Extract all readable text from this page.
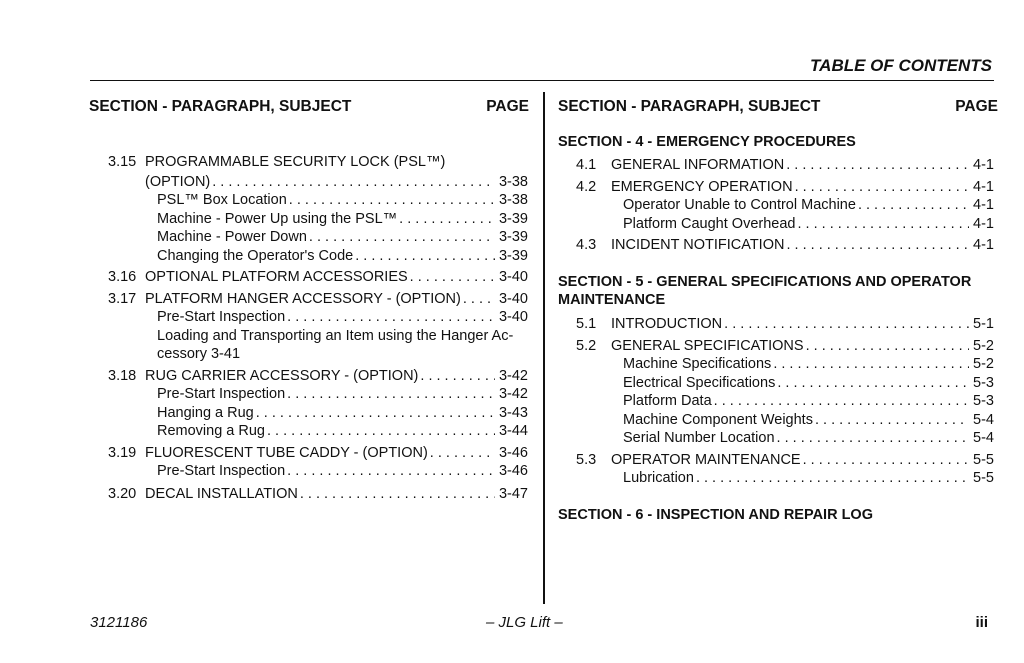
TABLE OF CONTENTS
SECTION - PARAGRAPH, SUBJECT	PAGE SECTION - PARAGRAPH, SUBJECT	PAGE
3.15 PROGRAMMABLE SECURITY LOCK (PSL™)
(OPTION) . . .	3-38
PSL™ Box Location . . .	3-38
Machine - Power Up using the PSL™ . . .	3-39
Machine - Power Down . . .	3-39
Changing the Operator's Code . . .	3-39
3.16 OPTIONAL PLATFORM ACCESSORIES . . .	3-40
3.17 PLATFORM HANGER ACCESSORY - (OPTION) . . .	3-40
Pre-Start Inspection . . .	3-40
Loading and Transporting an Item using the Hanger Ac-
cessory 3-41
3.18 RUG CARRIER ACCESSORY - (OPTION) . . .	3-42
Pre-Start Inspection . . .	3-42
Hanging a Rug . . .	3-43
Removing a Rug . . .	3-44
3.19 FLUORESCENT TUBE CADDY - (OPTION) . . .	3-46
Pre-Start Inspection . . .	3-46
3.20 DECAL INSTALLATION . . .	3-47
SECTION - 4 - EMERGENCY PROCEDURES
4.1 GENERAL INFORMATION . . .	4-1
4.2 EMERGENCY OPERATION . . .	4-1
Operator Unable to Control Machine . . .	4-1
Platform Caught Overhead . . .	4-1
4.3 INCIDENT NOTIFICATION . . .	4-1
SECTION - 5 - GENERAL SPECIFICATIONS AND OPERATOR
MAINTENANCE
5.1 INTRODUCTION . . .	5-1
5.2 GENERAL SPECIFICATIONS . . .	5-2
Machine Specifications . . .	5-2
Electrical Specifications . . .	5-3
Platform Data . . .	5-3
Machine Component Weights . . .	5-4
Serial Number Location . . .	5-4
5.3 OPERATOR MAINTENANCE . . .	5-5
Lubrication . . .	5-5
SECTION - 6 - INSPECTION AND REPAIR LOG
3121186	– JLG Lift –	iii
